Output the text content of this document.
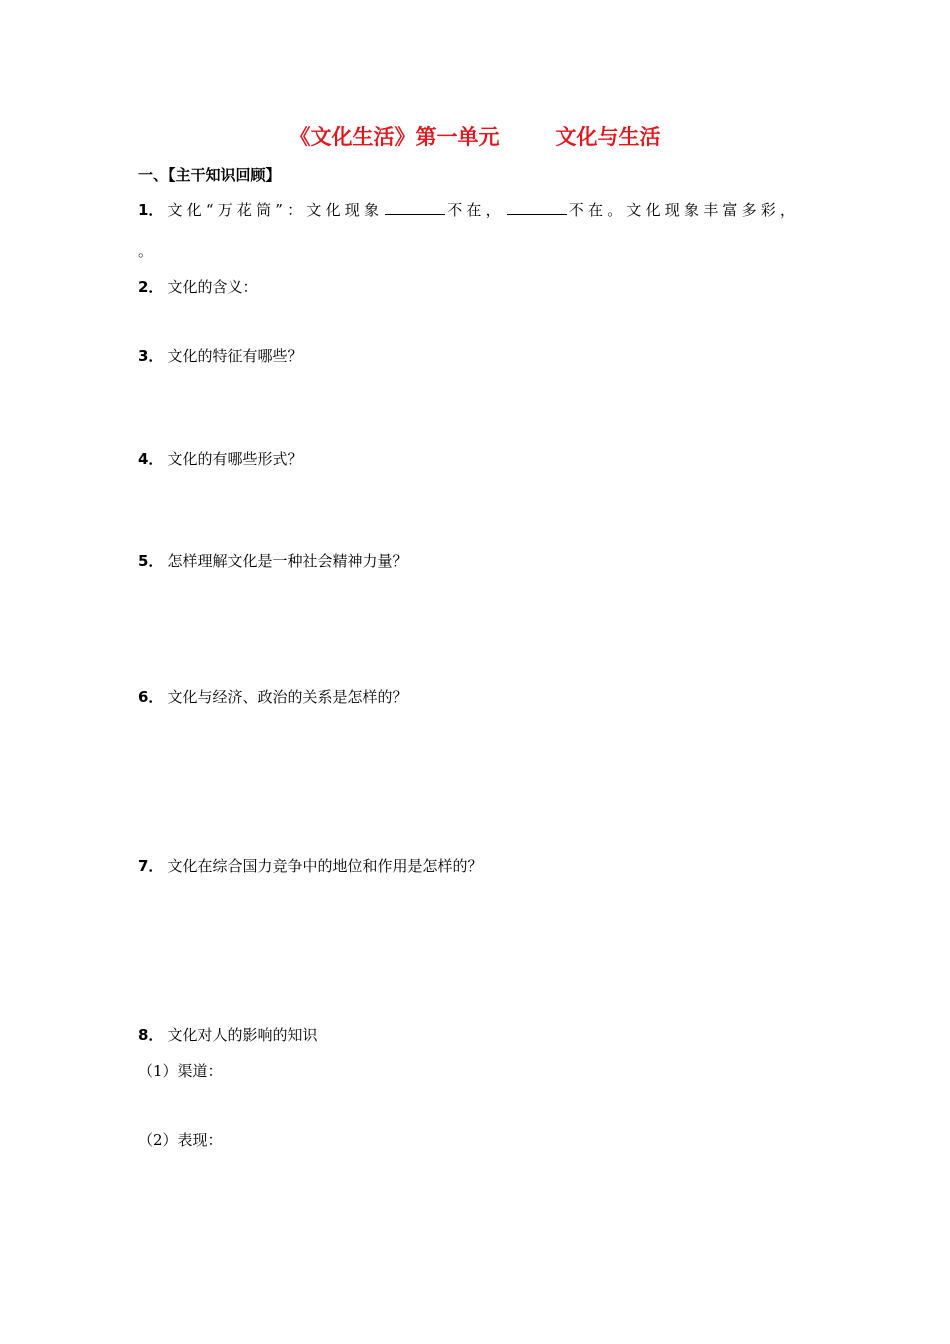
《文化生活》第一单元	文化与生活
一、【主干知识回顾】
1． 文化“万花筒”：文化现象	不在，	不在。文化现象丰富多彩，
。
2． 文化的含义：
3． 文化的特征有哪些？
4． 文化的有哪些形式？
5． 怎样理解文化是一种社会精神力量？
6． 文化与经济、政治的关系是怎样的？
7． 文化在综合国力竞争中的地位和作用是怎样的？
8． 文化对人的影响的知识
（1）渠道：
（2）表现：
